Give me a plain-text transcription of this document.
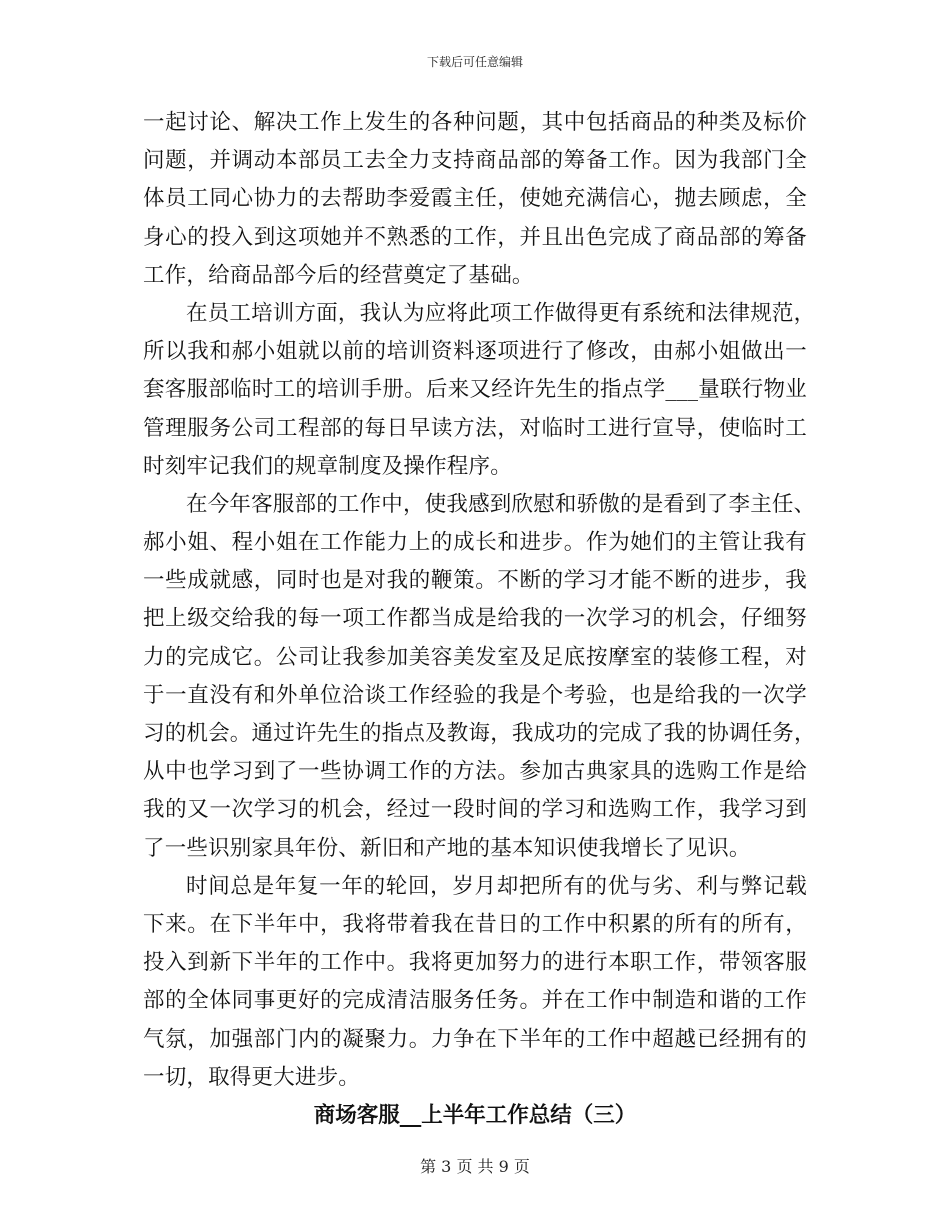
下载后可任意编辑
一起讨论、解决工作上发生的各种问题，其中包括商品的种类及标价
问题，并调动本部员工去全力支持商品部的筹备工作。因为我部门全
体员工同心协力的去帮助李爱霞主任，使她充满信心，抛去顾虑，全
身心的投入到这项她并不熟悉的工作，并且出色完成了商品部的筹备
工作，给商品部今后的经营奠定了基础。
在员工培训方面，我认为应将此项工作做得更有系统和法律规范，
所以我和郝小姐就以前的培训资料逐项进行了修改，由郝小姐做出一
套客服部临时工的培训手册。后来又经许先生的指点学___量联行物业
管理服务公司工程部的每日早读方法，对临时工进行宣导，使临时工
时刻牢记我们的规章制度及操作程序。
在今年客服部的工作中，使我感到欣慰和骄傲的是看到了李主任、
郝小姐、程小姐在工作能力上的成长和进步。作为她们的主管让我有
一些成就感，同时也是对我的鞭策。不断的学习才能不断的进步，我
把上级交给我的每一项工作都当成是给我的一次学习的机会，仔细努
力的完成它。公司让我参加美容美发室及足底按摩室的装修工程，对
于一直没有和外单位洽谈工作经验的我是个考验，也是给我的一次学
习的机会。通过许先生的指点及教诲，我成功的完成了我的协调任务，
从中也学习到了一些协调工作的方法。参加古典家具的选购工作是给
我的又一次学习的机会，经过一段时间的学习和选购工作，我学习到
了一些识别家具年份、新旧和产地的基本知识使我增长了见识。
时间总是年复一年的轮回，岁月却把所有的优与劣、利与弊记载
下来。在下半年中，我将带着我在昔日的工作中积累的所有的所有，
投入到新下半年的工作中。我将更加努力的进行本职工作，带领客服
部的全体同事更好的完成清洁服务任务。并在工作中制造和谐的工作
气氛，加强部门内的凝聚力。力争在下半年的工作中超越已经拥有的
一切，取得更大进步。
商场客服__上半年工作总结（三）
第 3 页 共 9 页
